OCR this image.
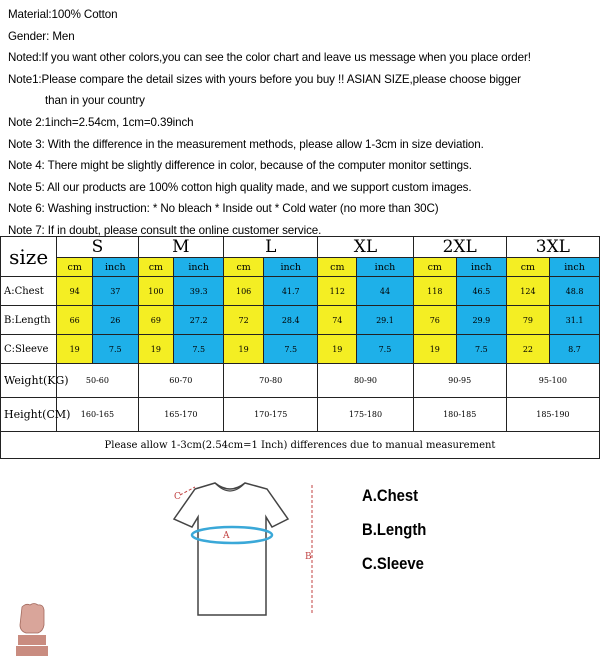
Material:100% Cotton
Gender: Men
Noted:If you want other colors,you can see the color chart and leave us message when you place order!
Note1:Please compare the detail sizes with yours before you buy !! ASIAN SIZE,please choose bigger
than in your country
Note 2:1inch=2.54cm, 1cm=0.39inch
Note 3: With the difference in the measurement methods, please allow 1-3cm in size deviation.
Note 4: There might be slightly difference in color, because of the computer monitor settings.
Note 5: All our products are 100% cotton high quality made, and we support custom images.
Note 6: Washing instruction: * No bleach * Inside out * Cold water (no more than 30C)
Note 7: If in doubt, please consult the online customer service.
size	S		M		L		XL		2XL		3XL	
	cm	inch	cm	inch	cm	inch	cm	inch	cm	inch	cm	inch
A:Chest	94	37	100	39.3	106	41.7	112	44	118	46.5	124	48.8
B:Length	66	26	69	27.2	72	28.4	74	29.1	76	29.9	79	31.1
C:Sleeve	19	7.5	19	7.5	19	7.5	19	7.5	19	7.5	22	8.7
Weight(KG)	50-60		60-70		70-80		80-90		90-95		95-100	
Height(CM)	160-165		165-170		170-175		175-180		180-185		185-190	
Please allow 1-3cm(2.54cm=1 Inch) differences due to manual measurement												
C
A
B
A.Chest
B.Length
C.Sleeve
